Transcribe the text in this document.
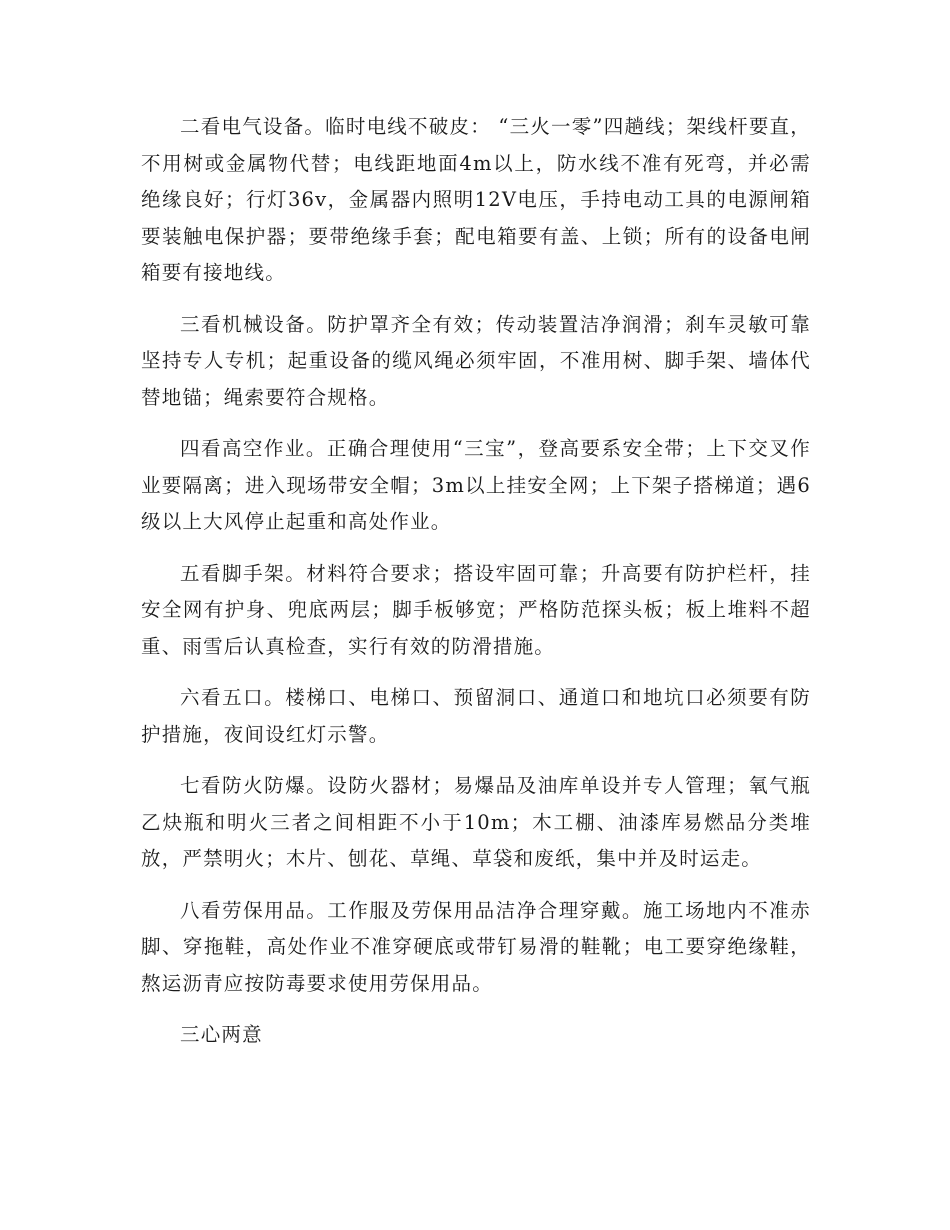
二看电气设备。临时电线不破皮： “三火一零”四趟线；架线杆要直，不用树或金属物代替；电线距地面4m以上，防水线不准有死弯，并必需绝缘良好；行灯36v，金属器内照明12V电压，手持电动工具的电源闸箱要装触电保护器；要带绝缘手套；配电箱要有盖、上锁；所有的设备电闸箱要有接地线。

三看机械设备。防护罩齐全有效；传动装置洁净润滑；刹车灵敏可靠坚持专人专机；起重设备的缆风绳必须牢固，不准用树、脚手架、墙体代替地锚；绳索要符合规格。

四看高空作业。正确合理使用“三宝”，登高要系安全带；上下交叉作业要隔离；进入现场带安全帽；3m以上挂安全网；上下架子搭梯道；遇6级以上大风停止起重和高处作业。

五看脚手架。材料符合要求；搭设牢固可靠；升高要有防护栏杆，挂安全网有护身、兜底两层；脚手板够宽；严格防范探头板；板上堆料不超重、雨雪后认真检查，实行有效的防滑措施。

六看五口。楼梯口、电梯口、预留洞口、通道口和地坑口必须要有防护措施，夜间设红灯示警。

七看防火防爆。设防火器材；易爆品及油库单设并专人管理；氧气瓶乙炔瓶和明火三者之间相距不小于10m；木工棚、油漆库易燃品分类堆放，严禁明火；木片、刨花、草绳、草袋和废纸，集中并及时运走。

八看劳保用品。工作服及劳保用品洁净合理穿戴。施工场地内不准赤脚、穿拖鞋，高处作业不准穿硬底或带钉易滑的鞋靴；电工要穿绝缘鞋，熬运沥青应按防毒要求使用劳保用品。

三心两意
